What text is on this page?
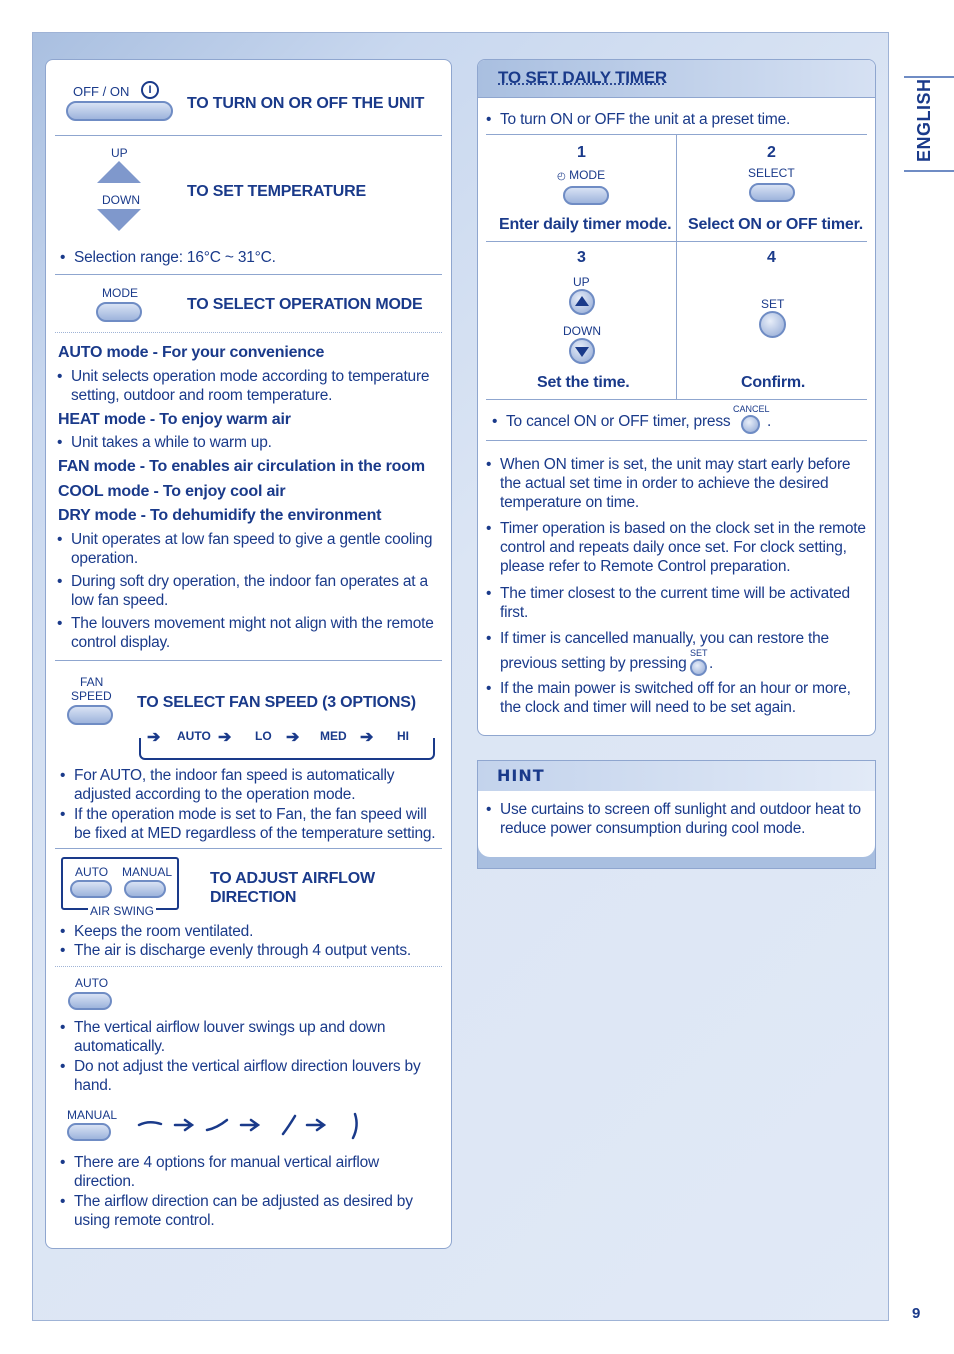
ENGLISH
9
OFF / ON	I
TO TURN ON OR OFF THE UNIT
UP
DOWN	TO SET TEMPERATURE
• Selection range: 16°C ~ 31°C.
MODE
TO SELECT OPERATION MODE
AUTO mode - For your convenience
• Unit selects operation mode according to temperature
setting, outdoor and room temperature.
HEAT mode - To enjoy warm air
• Unit takes a while to warm up.
FAN mode - To enables air circulation in the room
COOL mode - To enjoy cool air
DRY mode - To dehumidify the environment
• Unit operates at low fan speed to give a gentle cooling
operation.
• During soft dry operation, the indoor fan operates at a
low fan speed.
• The louvers movement might not align with the remote
control display.
FAN
SPEED TO SELECT FAN SPEED (3 OPTIONS)
AUTO ➔ LO ➔ MED ➔ HI
➔
• For AUTO, the indoor fan speed is automatically
adjusted according to the operation mode.
• If the operation mode is set to Fan, the fan speed will
be fixed at MED regardless of the temperature setting.
AUTO MANUAL
AIR SWING
TO ADJUST AIRFLOW
DIRECTION
• Keeps the room ventilated.
• The air is discharge evenly through 4 output vents.
AUTO
• The vertical airflow louver swings up and down
automatically.
• Do not adjust the vertical airflow direction louvers by
hand.
MANUAL
• There are 4 options for manual vertical airflow
direction.
• The airflow direction can be adjusted as desired by
using remote control.
TO SET DAILY TIMER
• To turn ON or OFF the unit at a preset time.
1
◴ MODE
Enter daily timer mode.
2
SELECT
Select ON or OFF timer.
3
UP
DOWN
Set the time.
4
SET
Confirm.
• To cancel ON or OFF timer, press
CANCEL
.
• When ON timer is set, the unit may start early before
the actual set time in order to achieve the desired
temperature on time.
• Timer operation is based on the clock set in the remote
control and repeats daily once set. For clock setting,
please refer to Remote Control preparation.
• The timer closest to the current time will be activated
first.
• If timer is cancelled manually, you can restore the
previous setting by pressing
SET
.
• If the main power is switched off for an hour or more,
the clock and timer will need to be set again.
HINT
• Use curtains to screen off sunlight and outdoor heat to
reduce power consumption during cool mode.
